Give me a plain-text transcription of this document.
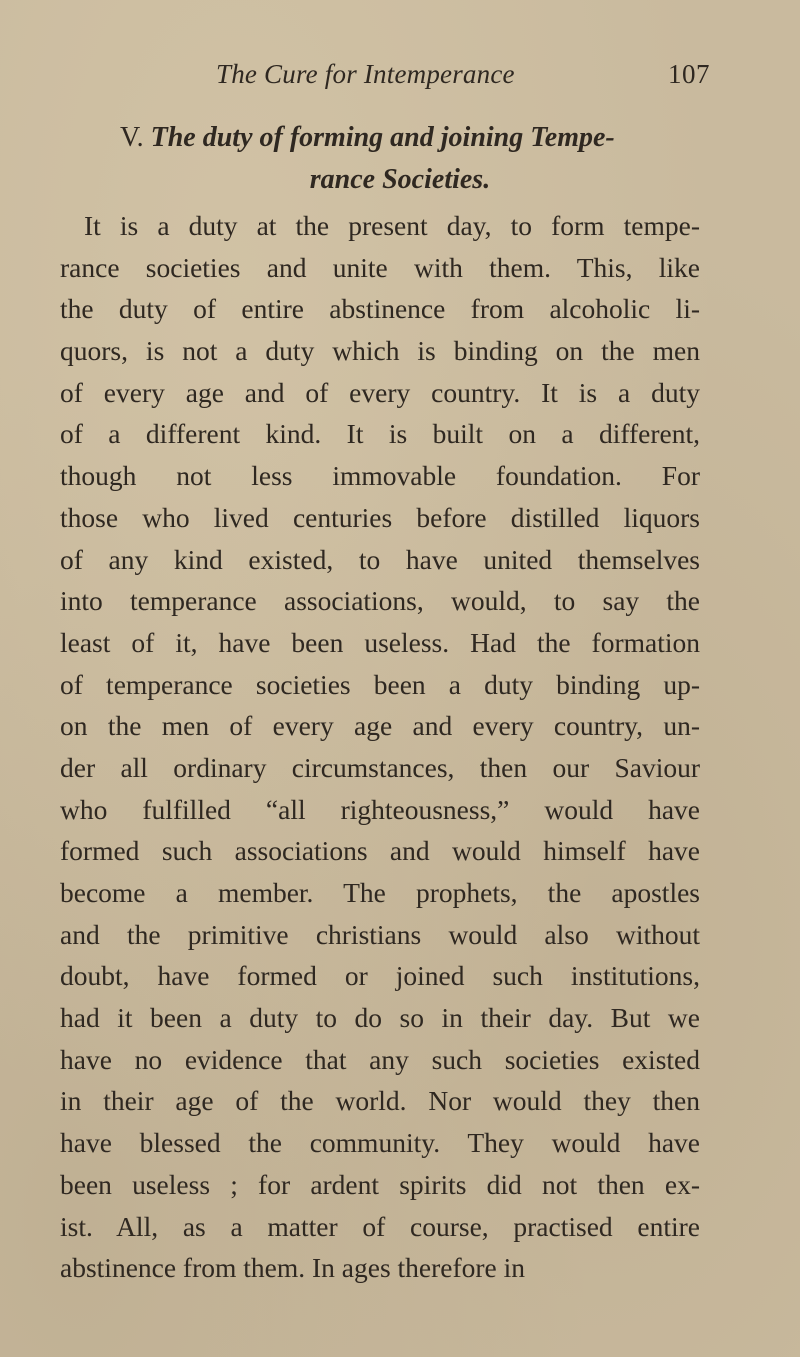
The Cure for Intemperance	107
V. The duty of forming and joining Tempe-
rance Societies.
It is a duty at the present day, to form tempe-
rance societies and unite with them. This, like
the duty of entire abstinence from alcoholic li-
quors, is not a duty which is binding on the men
of every age and of every country. It is a duty
of a different kind. It is built on a different,
though not less immovable foundation. For
those who lived centuries before distilled liquors
of any kind existed, to have united themselves
into temperance associations, would, to say the
least of it, have been useless. Had the formation
of temperance societies been a duty binding up-
on the men of every age and every country, un-
der all ordinary circumstances, then our Saviour
who fulfilled “all righteousness,” would have
formed such associations and would himself have
become a member. The prophets, the apostles
and the primitive christians would also without
doubt, have formed or joined such institutions,
had it been a duty to do so in their day. But we
have no evidence that any such societies existed
in their age of the world. Nor would they then
have blessed the community. They would have
been useless ; for ardent spirits did not then ex-
ist. All, as a matter of course, practised entire
abstinence from them. In ages therefore in
